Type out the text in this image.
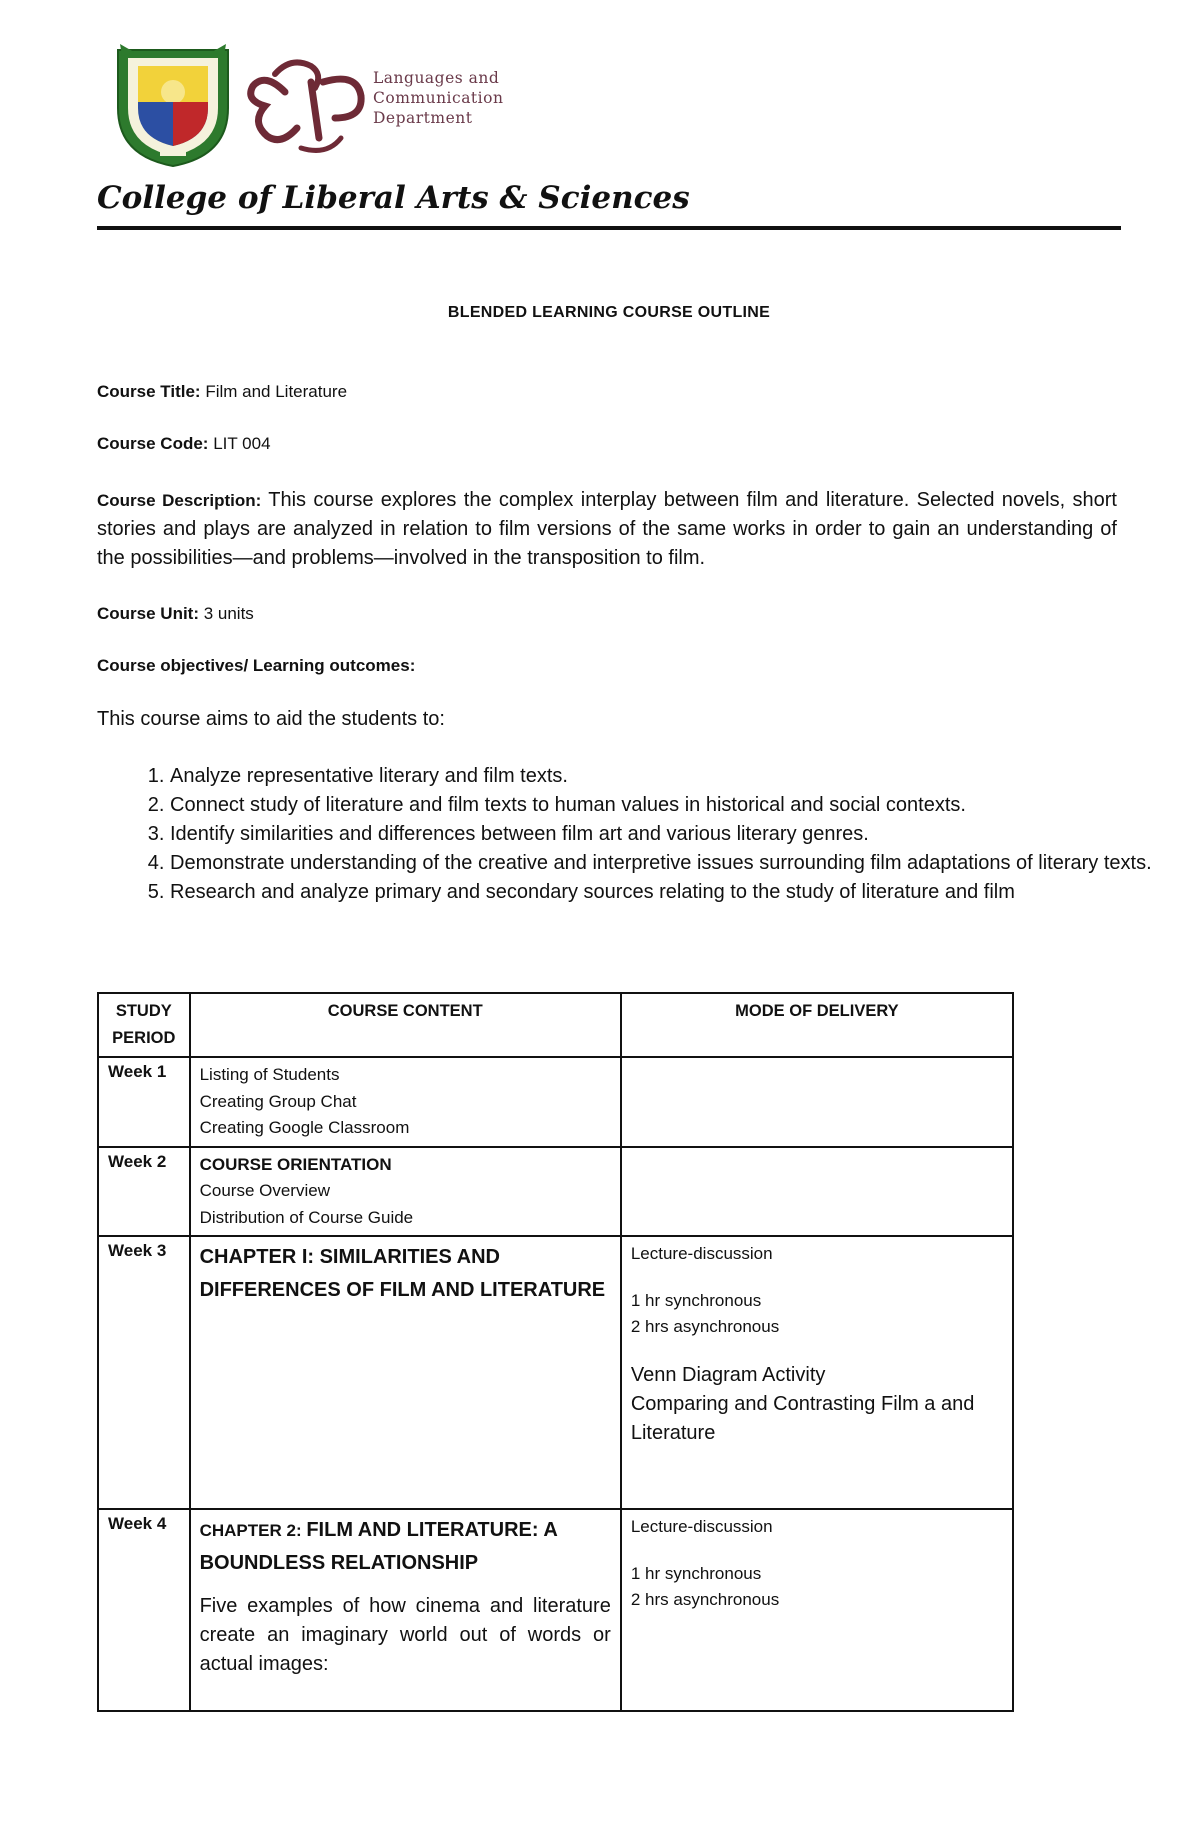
Languages and
Communication
Department
College of Liberal Arts & Sciences
BLENDED LEARNING COURSE OUTLINE
Course Title: Film and Literature
Course Code: LIT 004
Course Description: This course explores the complex interplay between film and literature. Selected novels, short stories and plays are analyzed in relation to film versions of the same works in order to gain an understanding of the possibilities—and problems—involved in the transposition to film.
Course Unit: 3 units
Course objectives/ Learning outcomes:
This course aims to aid the students to:
1. Analyze representative literary and film texts.
2. Connect study of literature and film texts to human values in historical and social contexts.
3. Identify similarities and differences between film art and various literary genres.
4. Demonstrate understanding of the creative and interpretive issues surrounding film adaptations of literary texts.
5. Research and analyze primary and secondary sources relating to the study of literature and film
STUDY PERIOD	COURSE CONTENT	MODE OF DELIVERY
Week 1	Listing of Students
Creating Group Chat
Creating Google Classroom	

Week 2	COURSE ORIENTATION
Course Overview
Distribution of Course Guide	

Week 3	CHAPTER I: SIMILARITIES AND DIFFERENCES OF FILM AND LITERATURE	Lecture-discussion
1 hr synchronous
2 hrs asynchronous
Venn Diagram Activity
Comparing and Contrasting Film a and Literature

Week 4	CHAPTER 2: FILM AND LITERATURE: A BOUNDLESS RELATIONSHIP
Five examples of how cinema and literature create an imaginary world out of words or actual images:	Lecture-discussion
1 hr synchronous
2 hrs asynchronous
